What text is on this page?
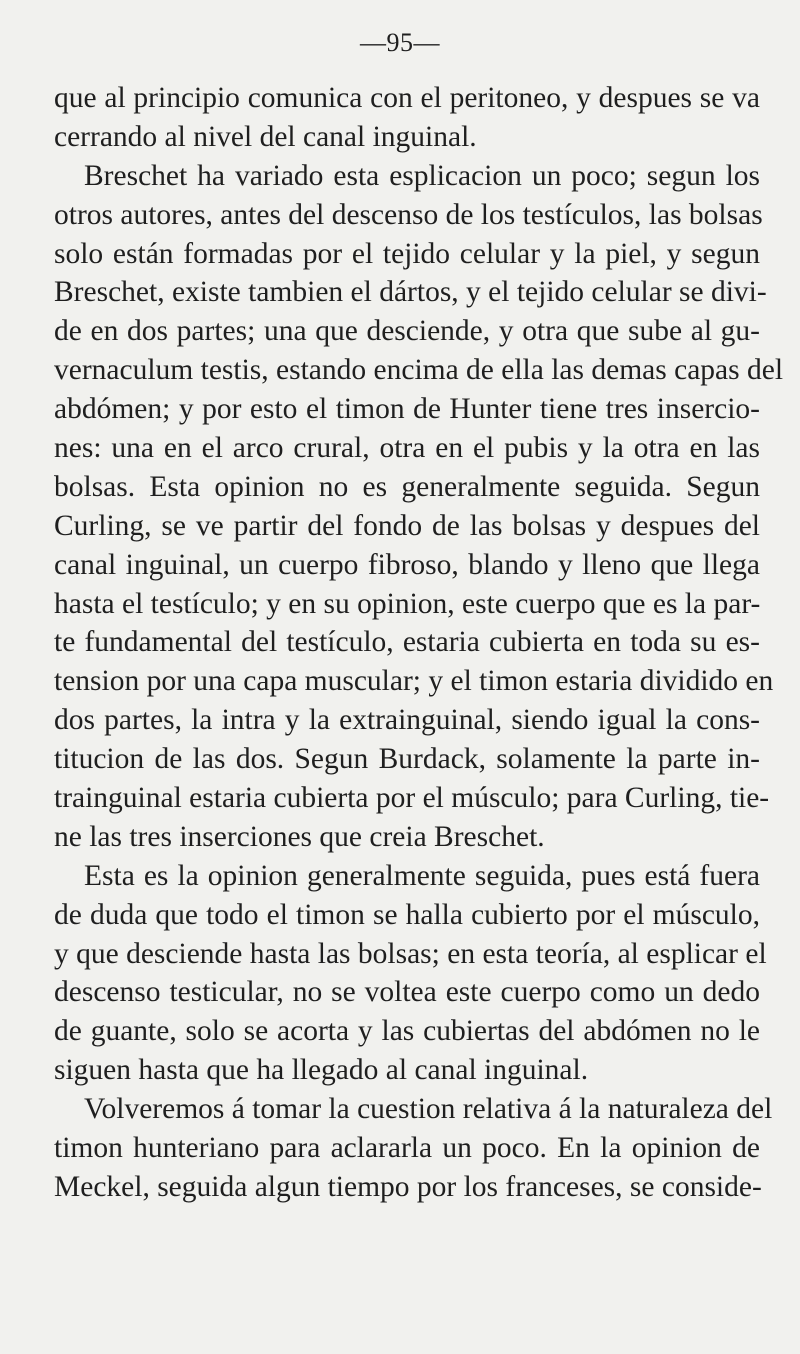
—95—
que al principio comunica con el peritoneo, y despues se va
cerrando al nivel del canal inguinal.
Breschet ha variado esta esplicacion un poco; segun los
otros autores, antes del descenso de los testículos, las bolsas
solo están formadas por el tejido celular y la piel, y segun
Breschet, existe tambien el dártos, y el tejido celular se divi-
de en dos partes; una que desciende, y otra que sube al gu-
vernaculum testis, estando encima de ella las demas capas del
abdómen; y por esto el timon de Hunter tiene tres insercio-
nes: una en el arco crural, otra en el pubis y la otra en las
bolsas. Esta opinion no es generalmente seguida. Segun
Curling, se ve partir del fondo de las bolsas y despues del
canal inguinal, un cuerpo fibroso, blando y lleno que llega
hasta el testículo; y en su opinion, este cuerpo que es la par-
te fundamental del testículo, estaria cubierta en toda su es-
tension por una capa muscular; y el timon estaria dividido en
dos partes, la intra y la extrainguinal, siendo igual la cons-
titucion de las dos. Segun Burdack, solamente la parte in-
trainguinal estaria cubierta por el músculo; para Curling, tie-
ne las tres inserciones que creia Breschet.
Esta es la opinion generalmente seguida, pues está fuera
de duda que todo el timon se halla cubierto por el músculo,
y que desciende hasta las bolsas; en esta teoría, al esplicar el
descenso testicular, no se voltea este cuerpo como un dedo
de guante, solo se acorta y las cubiertas del abdómen no le
siguen hasta que ha llegado al canal inguinal.
Volveremos á tomar la cuestion relativa á la naturaleza del
timon hunteriano para aclararla un poco. En la opinion de
Meckel, seguida algun tiempo por los franceses, se conside-
